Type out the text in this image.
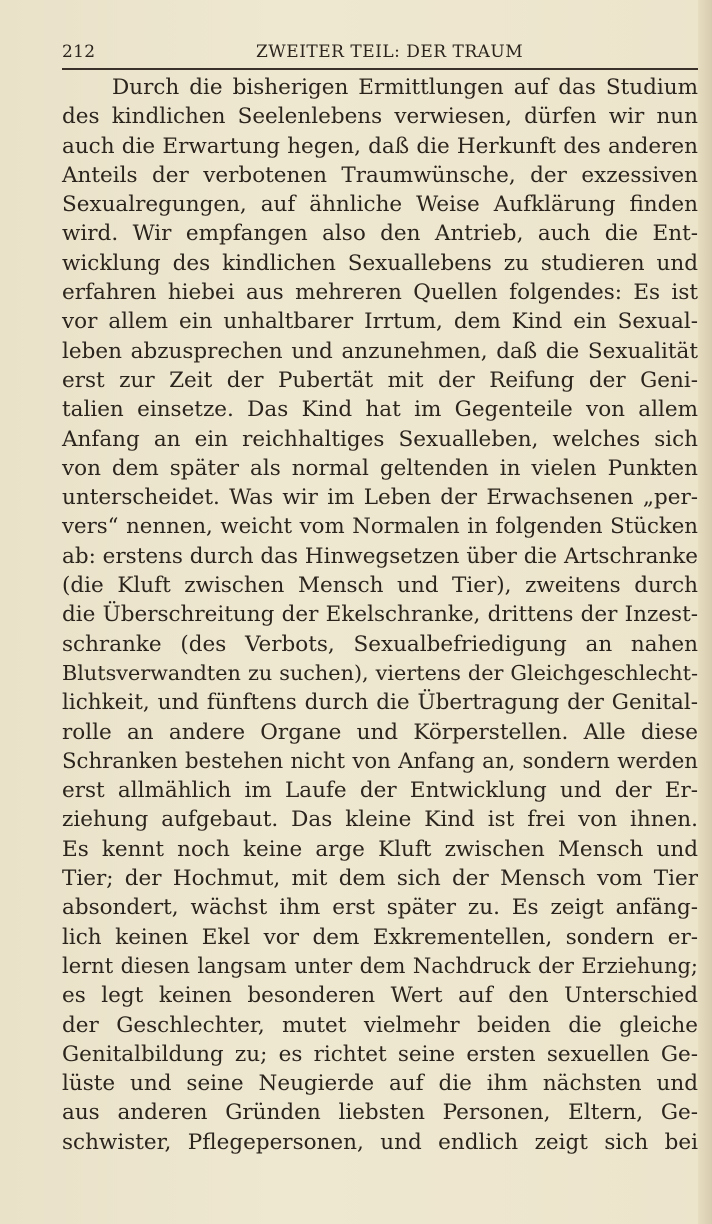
212	ZWEITER TEIL: DER TRAUM
Durch die bisherigen Ermittlungen auf das Studium
des kindlichen Seelenlebens verwiesen, dürfen wir nun
auch die Erwartung hegen, daß die Herkunft des anderen
Anteils der verbotenen Traumwünsche, der exzessiven
Sexualregungen, auf ähnliche Weise Aufklärung finden
wird. Wir empfangen also den Antrieb, auch die Ent-
wicklung des kindlichen Sexuallebens zu studieren und
erfahren hiebei aus mehreren Quellen folgendes: Es ist
vor allem ein unhaltbarer Irrtum, dem Kind ein Sexual-
leben abzusprechen und anzunehmen, daß die Sexualität
erst zur Zeit der Pubertät mit der Reifung der Geni-
talien einsetze. Das Kind hat im Gegenteile von allem
Anfang an ein reichhaltiges Sexualleben, welches sich
von dem später als normal geltenden in vielen Punkten
unterscheidet. Was wir im Leben der Erwachsenen „per-
vers“ nennen, weicht vom Normalen in folgenden Stücken
ab: erstens durch das Hinwegsetzen über die Artschranke
(die Kluft zwischen Mensch und Tier), zweitens durch
die Überschreitung der Ekelschranke, drittens der Inzest-
schranke (des Verbots, Sexualbefriedigung an nahen
Blutsverwandten zu suchen), viertens der Gleichgeschlecht-
lichkeit, und fünftens durch die Übertragung der Genital-
rolle an andere Organe und Körperstellen. Alle diese
Schranken bestehen nicht von Anfang an, sondern werden
erst allmählich im Laufe der Entwicklung und der Er-
ziehung aufgebaut. Das kleine Kind ist frei von ihnen.
Es kennt noch keine arge Kluft zwischen Mensch und
Tier; der Hochmut, mit dem sich der Mensch vom Tier
absondert, wächst ihm erst später zu. Es zeigt anfäng-
lich keinen Ekel vor dem Exkrementellen, sondern er-
lernt diesen langsam unter dem Nachdruck der Erziehung;
es legt keinen besonderen Wert auf den Unterschied
der Geschlechter, mutet vielmehr beiden die gleiche
Genitalbildung zu; es richtet seine ersten sexuellen Ge-
lüste und seine Neugierde auf die ihm nächsten und
aus anderen Gründen liebsten Personen, Eltern, Ge-
schwister, Pflegepersonen, und endlich zeigt sich bei
